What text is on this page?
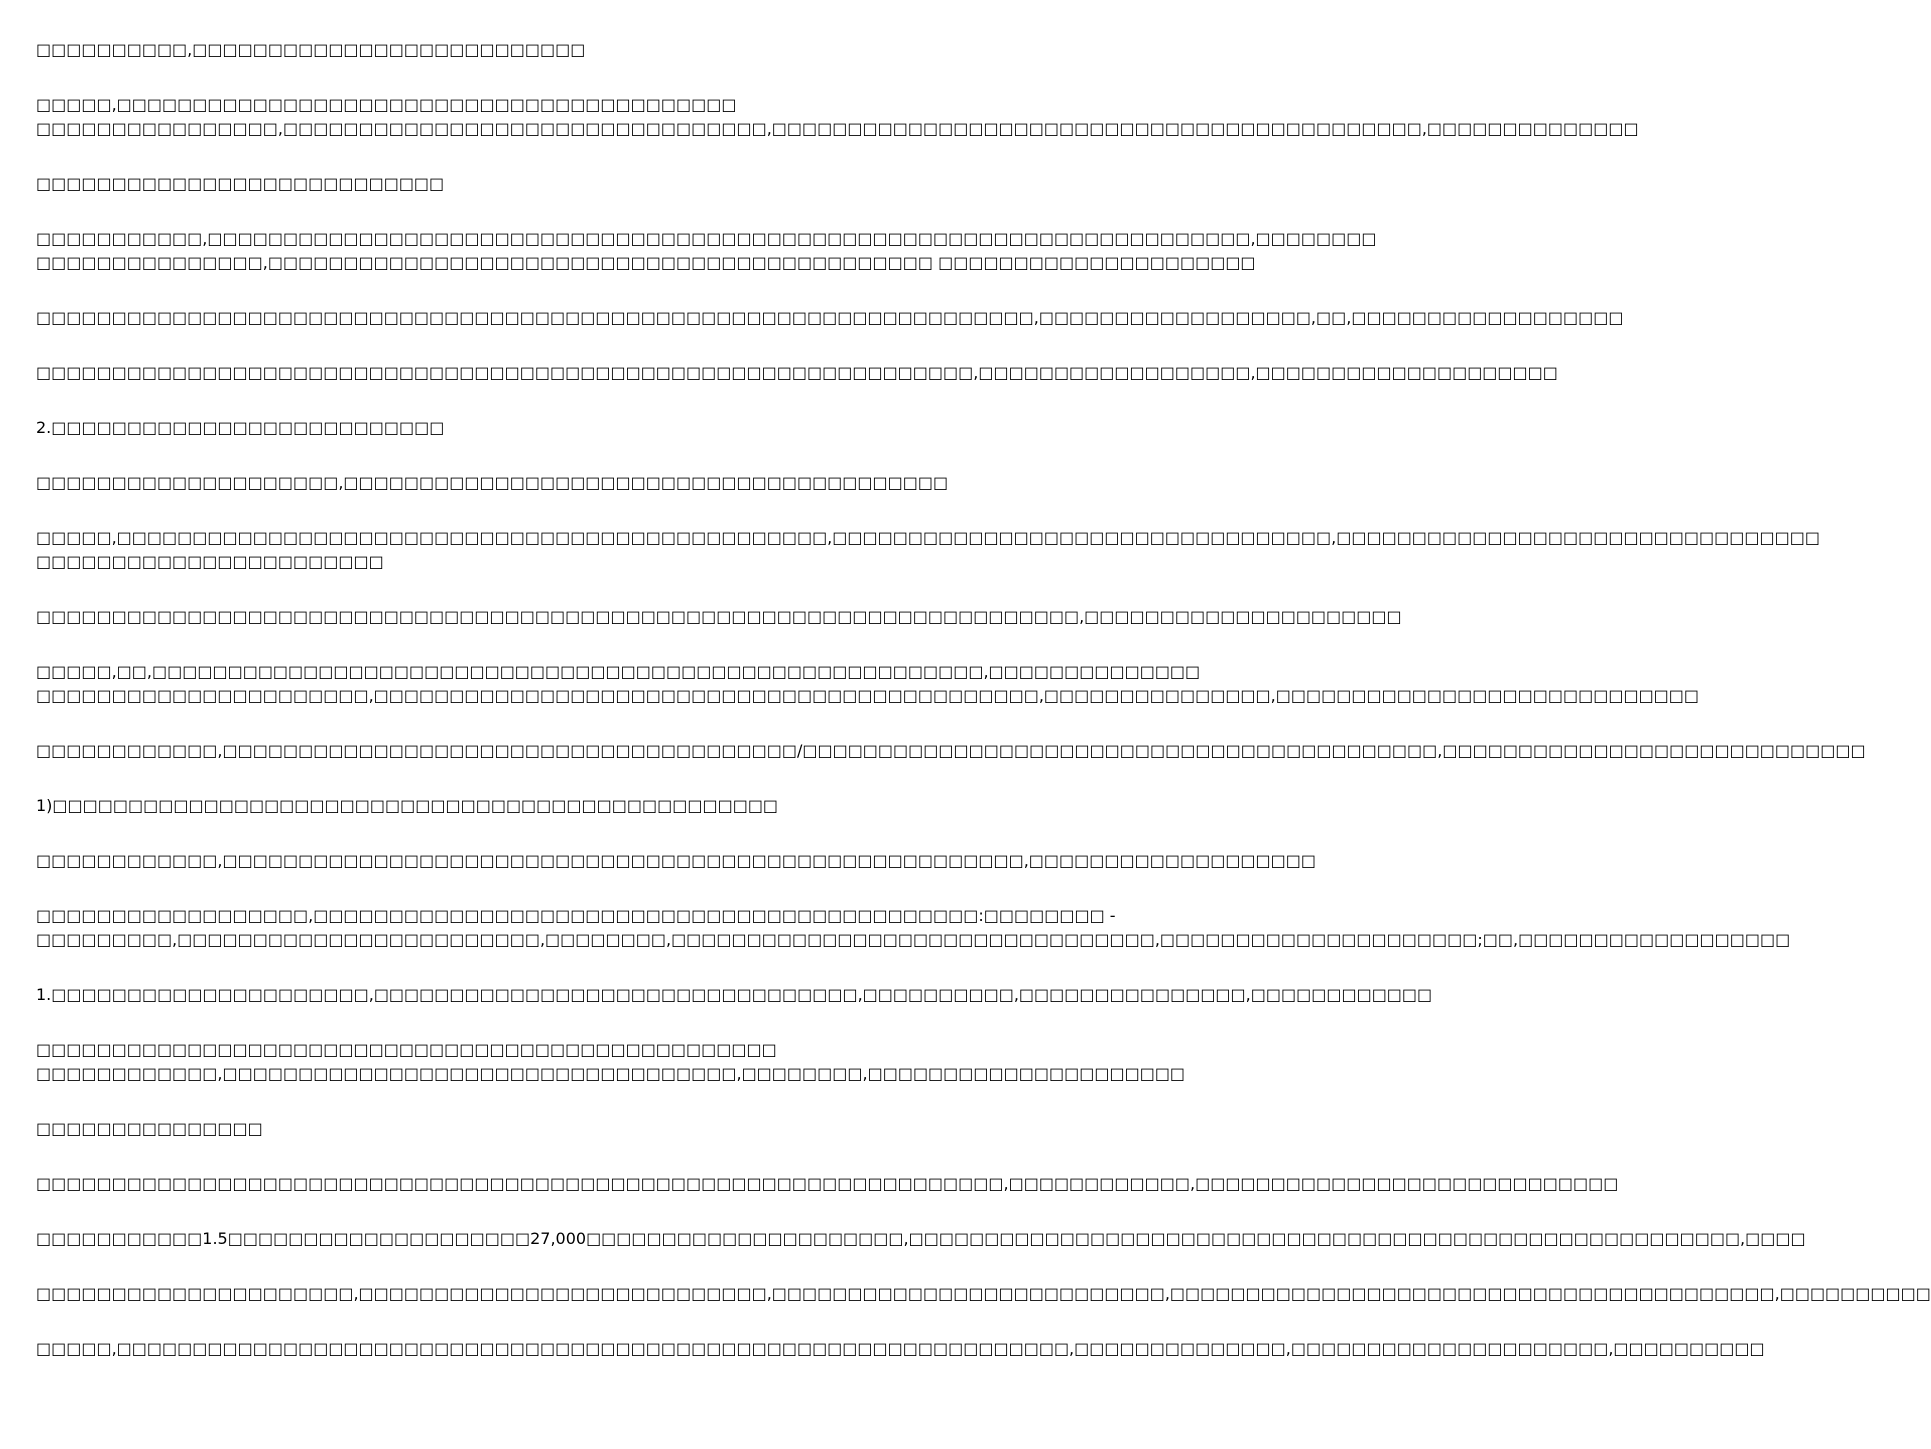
□□□□□□□□□□,□□□□□□□□□□□□□□□□□□□□□□□□□□
□□□□□,□□□□□□□□□□□□□□□□□□□□□□□□□□□□□□□□□□□□□□□□□
□□□□□□□□□□□□□□□□,□□□□□□□□□□□□□□□□□□□□□□□□□□□□□□□□,□□□□□□□□□□□□□□□□□□□□□□□□□□□□□□□□□□□□□□□□□□□,□□□□□□□□□□□□□□
□□□□□□□□□□□□□□□□□□□□□□□□□□□
□□□□□□□□□□□,□□□□□□□□□□□□□□□□□□□□□□□□□□□□□□□□□□□□□□□□□□□□□□□□□□□□□□□□□□□□□□□□□□□□□,□□□□□□□□
□□□□□□□□□□□□□□□,□□□□□□□□□□□□□□□□□□□□□□□□□□□□□□□□□□□□□□□□□□□□ □□□□□□□□□□□□□□□□□□□□□
□□□□□□□□□□□□□□□□□□□□□□□□□□□□□□□□□□□□□□□□□□□□□□□□□□□□□□□□□□□□□□□□□□,□□□□□□□□□□□□□□□□□□,□□,□□□□□□□□□□□□□□□□□□
□□□□□□□□□□□□□□□□□□□□□□□□□□□□□□□□□□□□□□□□□□□□□□□□□□□□□□□□□□□□□□,□□□□□□□□□□□□□□□□□□,□□□□□□□□□□□□□□□□□□□□
2.□□□□□□□□□□□□□□□□□□□□□□□□□□
□□□□□□□□□□□□□□□□□□□□,□□□□□□□□□□□□□□□□□□□□□□□□□□□□□□□□□□□□□□□□
□□□□□,□□□□□□□□□□□□□□□□□□□□□□□□□□□□□□□□□□□□□□□□□□□□□□□,□□□□□□□□□□□□□□□□□□□□□□□□□□□□□□□□□,□□□□□□□□□□□□□□□□□□□□□□□□□□□□□□□□
□□□□□□□□□□□□□□□□□□□□□□□
□□□□□□□□□□□□□□□□□□□□□□□□□□□□□□□□□□□□□□□□□□□□□□□□□□□□□□□□□□□□□□□□□□□□□,□□□□□□□□□□□□□□□□□□□□□
□□□□□,□□,□□□□□□□□□□□□□□□□□□□□□□□□□□□□□□□□□□□□□□□□□□□□□□□□□□□□□□□,□□□□□□□□□□□□□□
□□□□□□□□□□□□□□□□□□□□□□,□□□□□□□□□□□□□□□□□□□□□□□□□□□□□□□□□□□□□□□□□□□□,□□□□□□□□□□□□□□□,□□□□□□□□□□□□□□□□□□□□□□□□□□□□
□□□□□□□□□□□□,□□□□□□□□□□□□□□□□□□□□□□□□□□□□□□□□□□□□□□/□□□□□□□□□□□□□□□□□□□□□□□□□□□□□□□□□□□□□□□□□□,□□□□□□□□□□□□□□□□□□□□□□□□□□□□
1)□□□□□□□□□□□□□□□□□□□□□□□□□□□□□□□□□□□□□□□□□□□□□□□□
□□□□□□□□□□□□,□□□□□□□□□□□□□□□□□□□□□□□□□□□□□□□□□□□□□□□□□□□□□□□□□□□□□,□□□□□□□□□□□□□□□□□□□
□□□□□□□□□□□□□□□□□□,□□□□□□□□□□□□□□□□□□□□□□□□□□□□□□□□□□□□□□□□□□□□:□□□□□□□□ -
□□□□□□□□□,□□□□□□□□□□□□□□□□□□□□□□□□,□□□□□□□□,□□□□□□□□□□□□□□□□□□□□□□□□□□□□□□□□,□□□□□□□□□□□□□□□□□□□□□;□□,□□□□□□□□□□□□□□□□□□
1.□□□□□□□□□□□□□□□□□□□□□,□□□□□□□□□□□□□□□□□□□□□□□□□□□□□□□□,□□□□□□□□□□,□□□□□□□□□□□□□□□,□□□□□□□□□□□□
□□□□□□□□□□□□□□□□□□□□□□□□□□□□□□□□□□□□□□□□□□□□□□□□□
□□□□□□□□□□□□,□□□□□□□□□□□□□□□□□□□□□□□□□□□□□□□□□□,□□□□□□□□,□□□□□□□□□□□□□□□□□□□□□
□□□□□□□□□□□□□□□
□□□□□□□□□□□□□□□□□□□□□□□□□□□□□□□□□□□□□□□□□□□□□□□□□□□□□□□□□□□□□□□□,□□□□□□□□□□□□,□□□□□□□□□□□□□□□□□□□□□□□□□□□□
□□□□□□□□□□□1.5□□□□□□□□□□□□□□□□□□□□27,000□□□□□□□□□□□□□□□□□□□□□,□□□□□□□□□□□□□□□□□□□□□□□□□□□□□□□□□□□□□□□□□□□□□□□□□□□□□□□,□□□□
□□□□□□□□□□□□□□□□□□□□□,□□□□□□□□□□□□□□□□□□□□□□□□□□□,□□□□□□□□□□□□□□□□□□□□□□□□□□,□□□□□□□□□□□□□□□□□□□□□□□□□□□□□□□□□□□□□□□□,□□□□□□□□□□
□□□□□,□□□□□□□□□□□□□□□□□□□□□□□□□□□□□□□□□□□□□□□□□□□□□□□□□□□□□□□□□□□□□□□,□□□□□□□□□□□□□□,□□□□□□□□□□□□□□□□□□□□□,□□□□□□□□□□
